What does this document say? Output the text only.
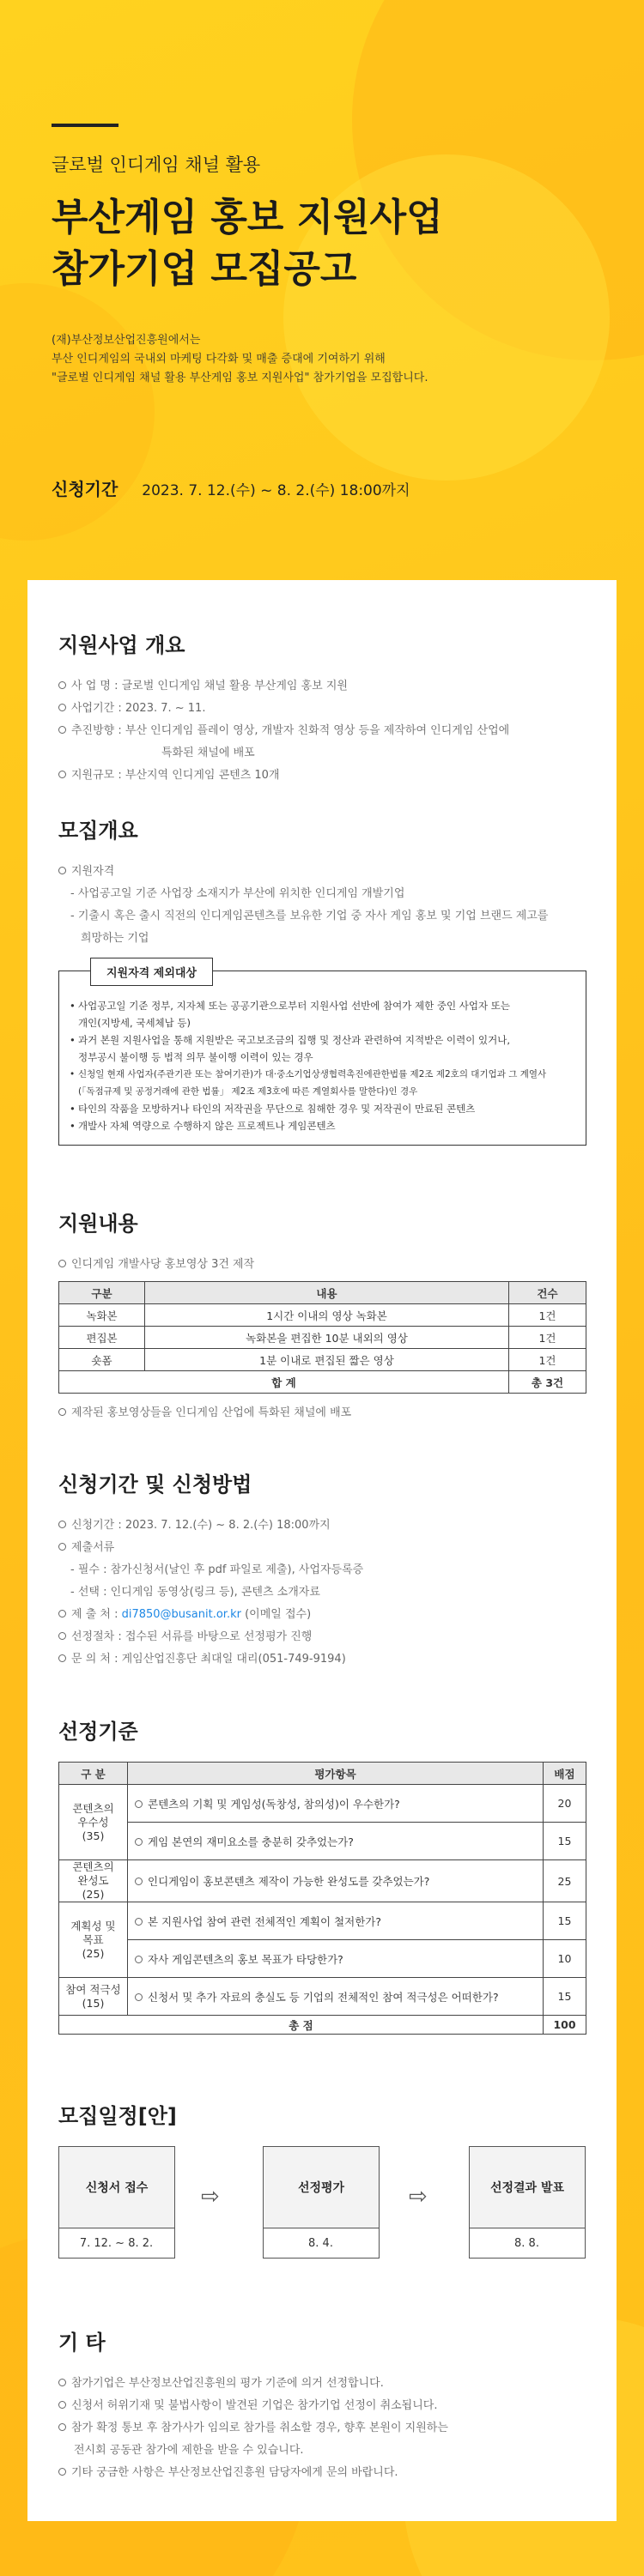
글로벌 인디게임 채널 활용
부산게임 홍보 지원사업
참가기업 모집공고
(재)부산정보산업진흥원에서는
부산 인디게임의 국내외 마케팅 다각화 및 매출 증대에 기여하기 위해
"글로벌 인디게임 채널 활용 부산게임 홍보 지원사업" 참가기업을 모집합니다.
신청기간 2023. 7. 12.(수) ~ 8. 2.(수) 18:00까지
지원사업 개요
사 업 명 : 글로벌 인디게임 채널 활용 부산게임 홍보 지원
사업기간 : 2023. 7. ~ 11.
추진방향 : 부산 인디게임 플레이 영상, 개발자 친화적 영상 등을 제작하여 인디게임 산업에
특화된 채널에 배포
지원규모 : 부산지역 인디게임 콘텐츠 10개
모집개요
지원자격
- 사업공고일 기준 사업장 소재지가 부산에 위치한 인디게임 개발기업
- 기출시 혹은 출시 직전의 인디게임콘텐츠를 보유한 기업 중 자사 게임 홍보 및 기업 브랜드 제고를
희망하는 기업
지원자격 제외대상
• 사업공고일 기준 정부, 지자체 또는 공공기관으로부터 지원사업 선반에 참여가 제한 중인 사업자 또는
개인(지방세, 국세체납 등)
• 과거 본원 지원사업을 통해 지원받은 국고보조금의 집행 및 정산과 관련하여 지적받은 이력이 있거나,
정부공시 불이행 등 법적 의무 불이행 이력이 있는 경우
• 신청일 현재 사업자(주관기관 또는 참여기관)가 대·중소기업상생협력촉진에관한법률 제2조 제2호의 대기업과 그 계열사
(「독점규제 및 공정거래에 관한 법률」 제2조 제3호에 따른 계열회사를 말한다)인 경우
• 타인의 작품을 모방하거나 타인의 저작권을 무단으로 침해한 경우 및 저작권이 만료된 콘텐츠
• 개발사 자체 역량으로 수행하지 않은 프로젝트나 게임콘텐츠
지원내용
인디게임 개발사당 홍보영상 3건 제작
구분	내용	건수
녹화본	1시간 이내의 영상 녹화본	1건
편집본	녹화본을 편집한 10분 내외의 영상	1건
숏폼	1분 이내로 편집된 짧은 영상	1건
합 계		총 3건
제작된 홍보영상들을 인디게임 산업에 특화된 채널에 배포
신청기간 및 신청방법
신청기간 : 2023. 7. 12.(수) ~ 8. 2.(수) 18:00까지
제출서류
- 필수 : 참가신청서(날인 후 pdf 파일로 제출), 사업자등록증
- 선택 : 인디게임 동영상(링크 등), 콘텐츠 소개자료
제 출 처 : di7850@busanit.or.kr (이메일 접수)
선정절차 : 접수된 서류를 바탕으로 선정평가 진행
문 의 처 : 게임산업진흥단 최대일 대리(051-749-9194)
선정기준
구 분	평가항목	배점
콘텐츠의
우수성
(35)	콘텐츠의 기획 및 게임성(독창성, 참의성)이 우수한가?	20
	게임 본연의 재미요소를 충분히 갖추었는가?	15
콘텐츠의
완성도
(25)	인디게임이 홍보콘텐츠 제작이 가능한 완성도를 갖추었는가?	25
계획성 및
목표
(25)	본 지원사업 참여 관련 전체적인 계획이 철저한가?	15
	자사 게임콘텐츠의 홍보 목표가 타당한가?	10
참여 적극성
(15)	신청서 및 추가 자료의 충실도 등 기업의 전체적인 참여 적극성은 어떠한가?	15
총 점		100
모집일정[안]
신청서 접수
7. 12. ~ 8. 2.
⇨	선정평가
8. 4.
⇨	선정결과 발표
8. 8.
기 타
참가기업은 부산정보산업진흥원의 평가 기준에 의거 선정합니다.
신청서 허위기재 및 불법사항이 발견된 기업은 참가기업 선정이 취소됩니다.
참가 확정 통보 후 참가사가 임의로 참가를 취소할 경우, 향후 본원이 지원하는
전시회 공동관 참가에 제한을 받을 수 있습니다.
기타 궁금한 사항은 부산정보산업진흥원 담당자에게 문의 바랍니다.
